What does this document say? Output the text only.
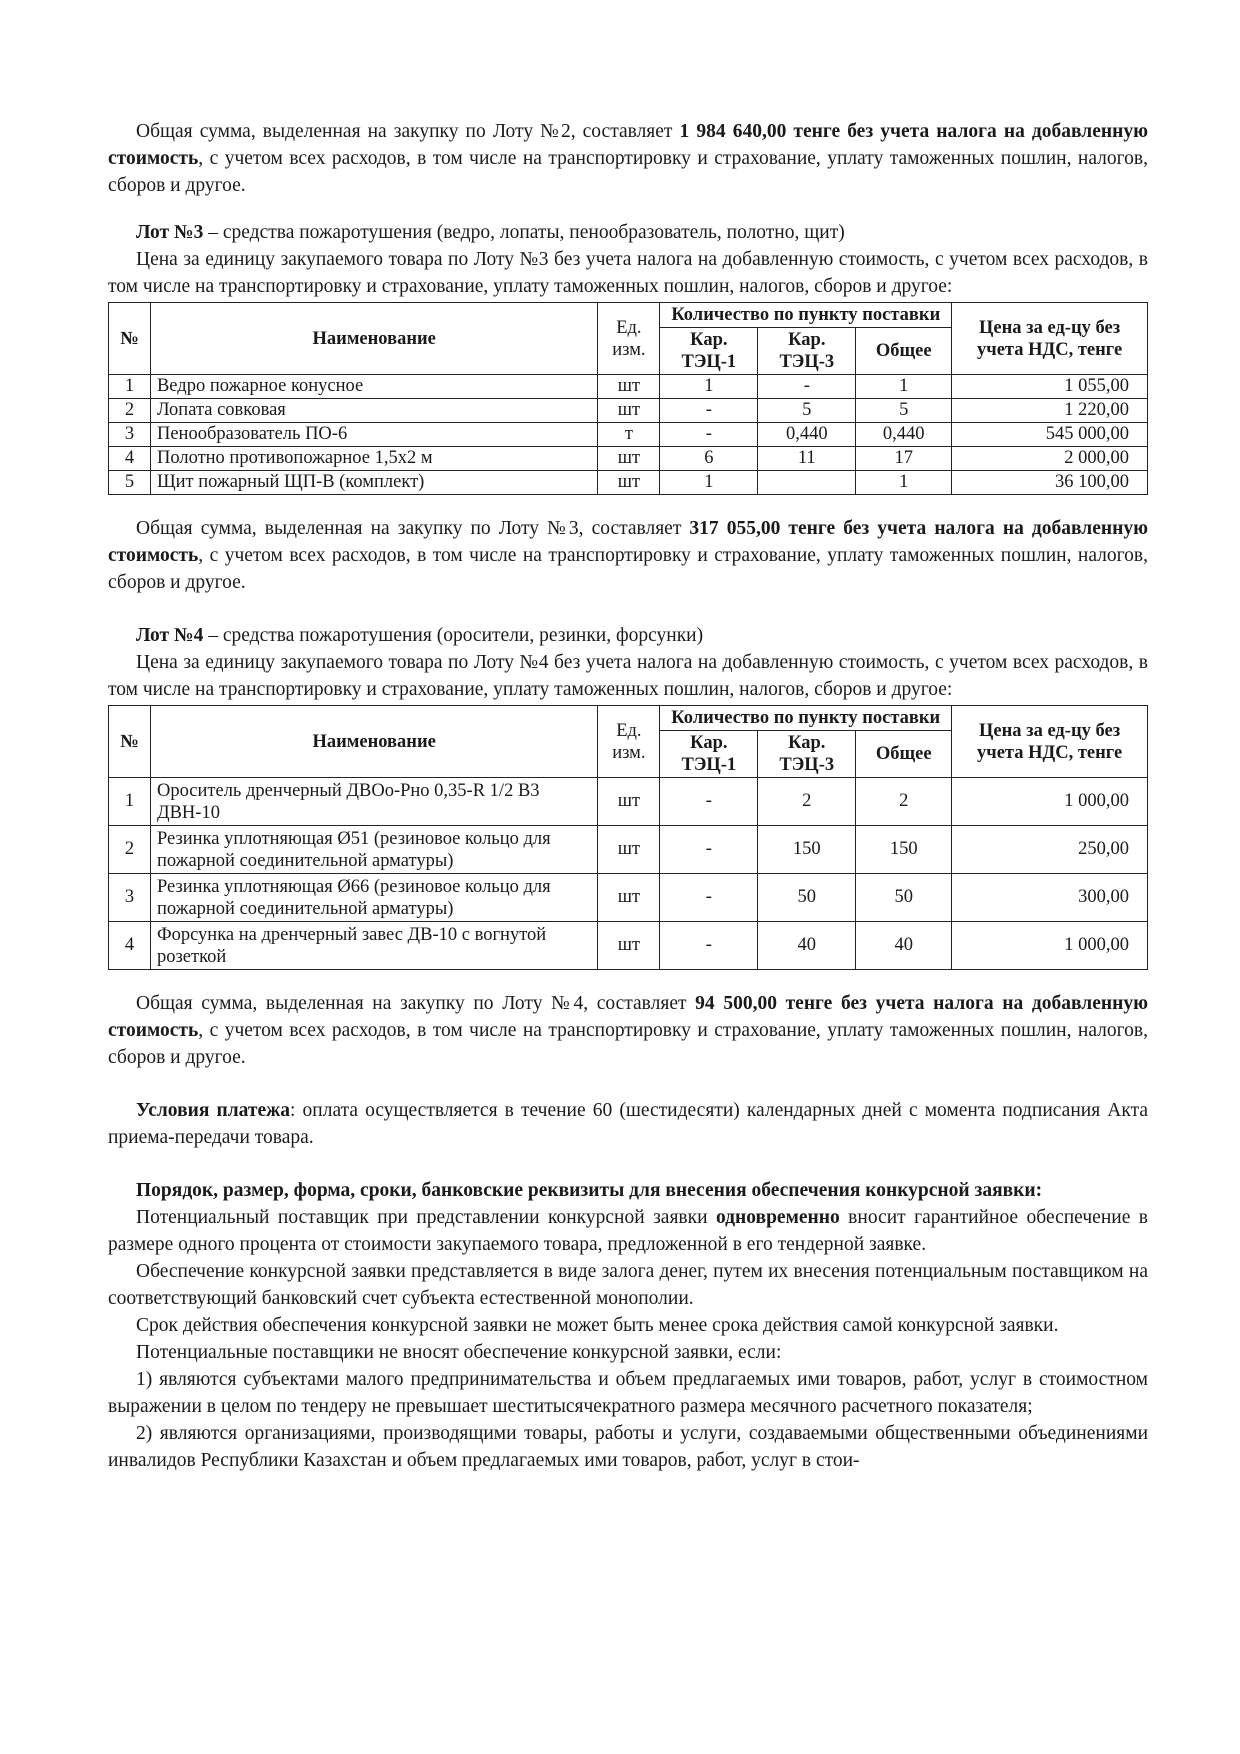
Общая сумма, выделенная на закупку по Лоту №2, составляет 1 984 640,00 тенге без учета налога на добавленную стоимость, с учетом всех расходов, в том числе на транспортировку и страхование, уплату таможенных пошлин, налогов, сборов и другое.

Лот №3 – средства пожаротушения (ведро, лопаты, пенообразователь, полотно, щит)

Цена за единицу закупаемого товара по Лоту №3 без учета налога на добавленную стоимость, с учетом всех расходов, в том числе на транспортировку и страхование, уплату таможенных пошлин, налогов, сборов и другое:

№	Наименование	Ед. изм.	Количество по пункту поставки			Цена за ед-цу без учета НДС, тенге
			Кар. ТЭЦ-1	Кар. ТЭЦ-3	Общее	
1	Ведро пожарное конусное	шт	1	-	1	1 055,00
2	Лопата совковая	шт	-	5	5	1 220,00
3	Пенообразователь ПО-6	т	-	0,440	0,440	545 000,00
4	Полотно противопожарное 1,5х2 м	шт	6	11	17	2 000,00
5	Щит пожарный ЩП-В (комплект)	шт	1		1	36 100,00

Общая сумма, выделенная на закупку по Лоту №3, составляет 317 055,00 тенге без учета налога на добавленную стоимость, с учетом всех расходов, в том числе на транспортировку и страхование, уплату таможенных пошлин, налогов, сборов и другое.

Лот №4 – средства пожаротушения (оросители, резинки, форсунки)

Цена за единицу закупаемого товара по Лоту №4 без учета налога на добавленную стоимость, с учетом всех расходов, в том числе на транспортировку и страхование, уплату таможенных пошлин, налогов, сборов и другое:

№	Наименование	Ед. изм.	Количество по пункту поставки			Цена за ед-цу без учета НДС, тенге
			Кар. ТЭЦ-1	Кар. ТЭЦ-3	Общее	
1	Ороситель дренчерный ДВОо-Рно 0,35-R 1/2 В3 ДВН-10	шт	-	2	2	1 000,00
2	Резинка уплотняющая Ø51 (резиновое кольцо для пожарной соединительной арматуры)	шт	-	150	150	250,00
3	Резинка уплотняющая Ø66 (резиновое кольцо для пожарной соединительной арматуры)	шт	-	50	50	300,00
4	Форсунка на дренчерный завес ДВ-10 с вогнутой розеткой	шт	-	40	40	1 000,00

Общая сумма, выделенная на закупку по Лоту №4, составляет 94 500,00 тенге без учета налога на добавленную стоимость, с учетом всех расходов, в том числе на транспортировку и страхование, уплату таможенных пошлин, налогов, сборов и другое.

Условия платежа: оплата осуществляется в течение 60 (шестидесяти) календарных дней с момента подписания Акта приема-передачи товара.

Порядок, размер, форма, сроки, банковские реквизиты для внесения обеспечения конкурсной заявки:

Потенциальный поставщик при представлении конкурсной заявки одновременно вносит гарантийное обеспечение в размере одного процента от стоимости закупаемого товара, предложенной в его тендерной заявке.

Обеспечение конкурсной заявки представляется в виде залога денег, путем их внесения потенциальным поставщиком на соответствующий банковский счет субъекта естественной монополии.

Срок действия обеспечения конкурсной заявки не может быть менее срока действия самой конкурсной заявки.

Потенциальные поставщики не вносят обеспечение конкурсной заявки, если:

1) являются субъектами малого предпринимательства и объем предлагаемых ими товаров, работ, услуг в стоимостном выражении в целом по тендеру не превышает шеститысячекратного размера месячного расчетного показателя;

2) являются организациями, производящими товары, работы и услуги, создаваемыми общественными объединениями инвалидов Республики Казахстан и объем предлагаемых ими товаров, работ, услуг в стои-
